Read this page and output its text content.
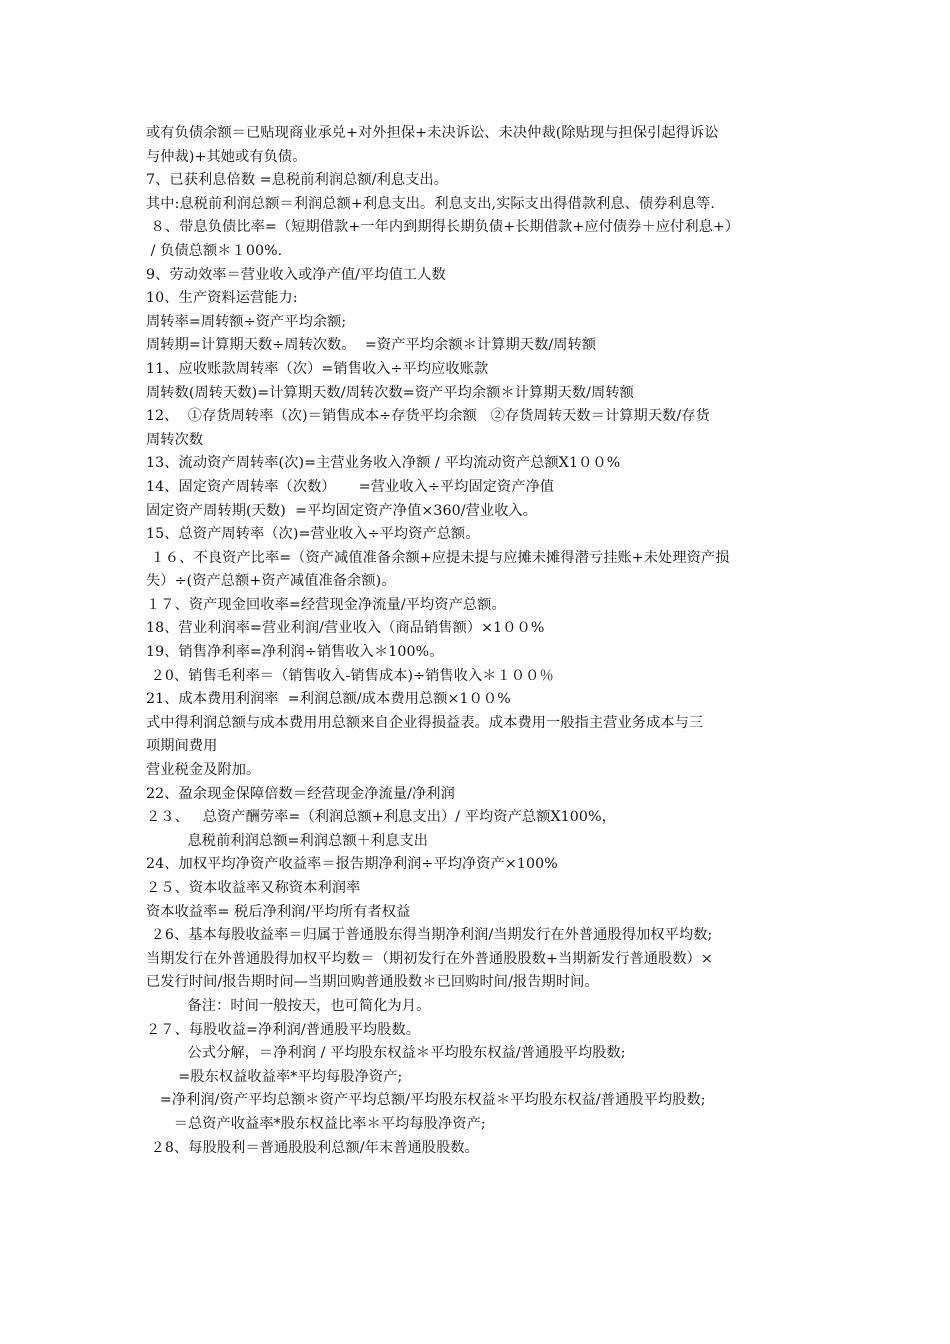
或有负债余额＝已贴现商业承兑+对外担保+未决诉讼、未决仲裁(除贴现与担保引起得诉讼
与仲裁)+其她或有负债。
7、已获利息倍数 =息税前利润总额/利息支出。
其中:息税前利润总额＝利润总额+利息支出。利息支出,实际支出得借款利息、债券利息等.
８、带息负债比率=（短期借款+一年内到期得长期负债+长期借款+应付债券＋应付利息+）
/ 负债总额＊１00%.
9、劳动效率＝营业收入或净产值/平均值工人数
10、生产资料运营能力:
周转率=周转额÷资产平均余额;
周转期=计算期天数÷周转次数。  =资产平均余额＊计算期天数/周转额
11、应收账款周转率（次）=销售收入÷平均应收账款
周转数(周转天数)=计算期天数/周转次数=资产平均余额＊计算期天数/周转额
12、  ①存货周转率（次)＝销售成本÷存货平均余额   ②存货周转天数＝计算期天数/存货
周转次数
13、流动资产周转率(次)=主营业务收入净额 / 平均流动资产总额X1００%
14、固定资产周转率（次数）     =营业收入÷平均固定资产净值
固定资产周转期(天数)  =平均固定资产净值×360/营业收入。
15、总资产周转率（次)=营业收入÷平均资产总额。
１６、不良资产比率=（资产减值准备余额+应提未提与应摊未摊得潜亏挂账+未处理资产损
失）÷(资产总额+资产减值准备余额)。
１７、资产现金回收率=经营现金净流量/平均资产总额。
18、营业利润率=营业利润/营业收入（商品销售额）×1００%
19、销售净利率=净利润÷销售收入＊100%。
２0、销售毛利率＝（销售收入-销售成本)÷销售收入＊１００％
21、成本费用利润率  =利润总额/成本费用总额×1００%
式中得利润总额与成本费用用总额来自企业得损益表。成本费用一般指主营业务成本与三
项期间费用
营业税金及附加。
22、盈余现金保障倍数＝经营现金净流量/净利润
２３、   总资产酬劳率=（利润总额+利息支出）/ 平均资产总额X100%，
息税前利润总额=利润总额＋利息支出
24、加权平均净资产收益率＝报告期净利润÷平均净资产×100%
２５、资本收益率又称资本利润率
资本收益率= 税后净利润/平均所有者权益
２6、基本每股收益率＝归属于普通股东得当期净利润/当期发行在外普通股得加权平均数;
当期发行在外普通股得加权平均数＝（期初发行在外普通股股数+当期新发行普通股数）×
已发行时间/报告期时间—当期回购普通股数＊已回购时间/报告期时间。
备注：时间一般按天，也可简化为月。
２７、每股收益=净利润/普通股平均股数。
公式分解，＝净利润 / 平均股东权益＊平均股东权益/普通股平均股数;
=股东权益收益率*平均每股净资产;
=净利润/资产平均总额＊资产平均总额/平均股东权益＊平均股东权益/普通股平均股数;
＝总资产收益率*股东权益比率＊平均每股净资产;
２8、每股股利＝普通股股利总额/年末普通股股数。
